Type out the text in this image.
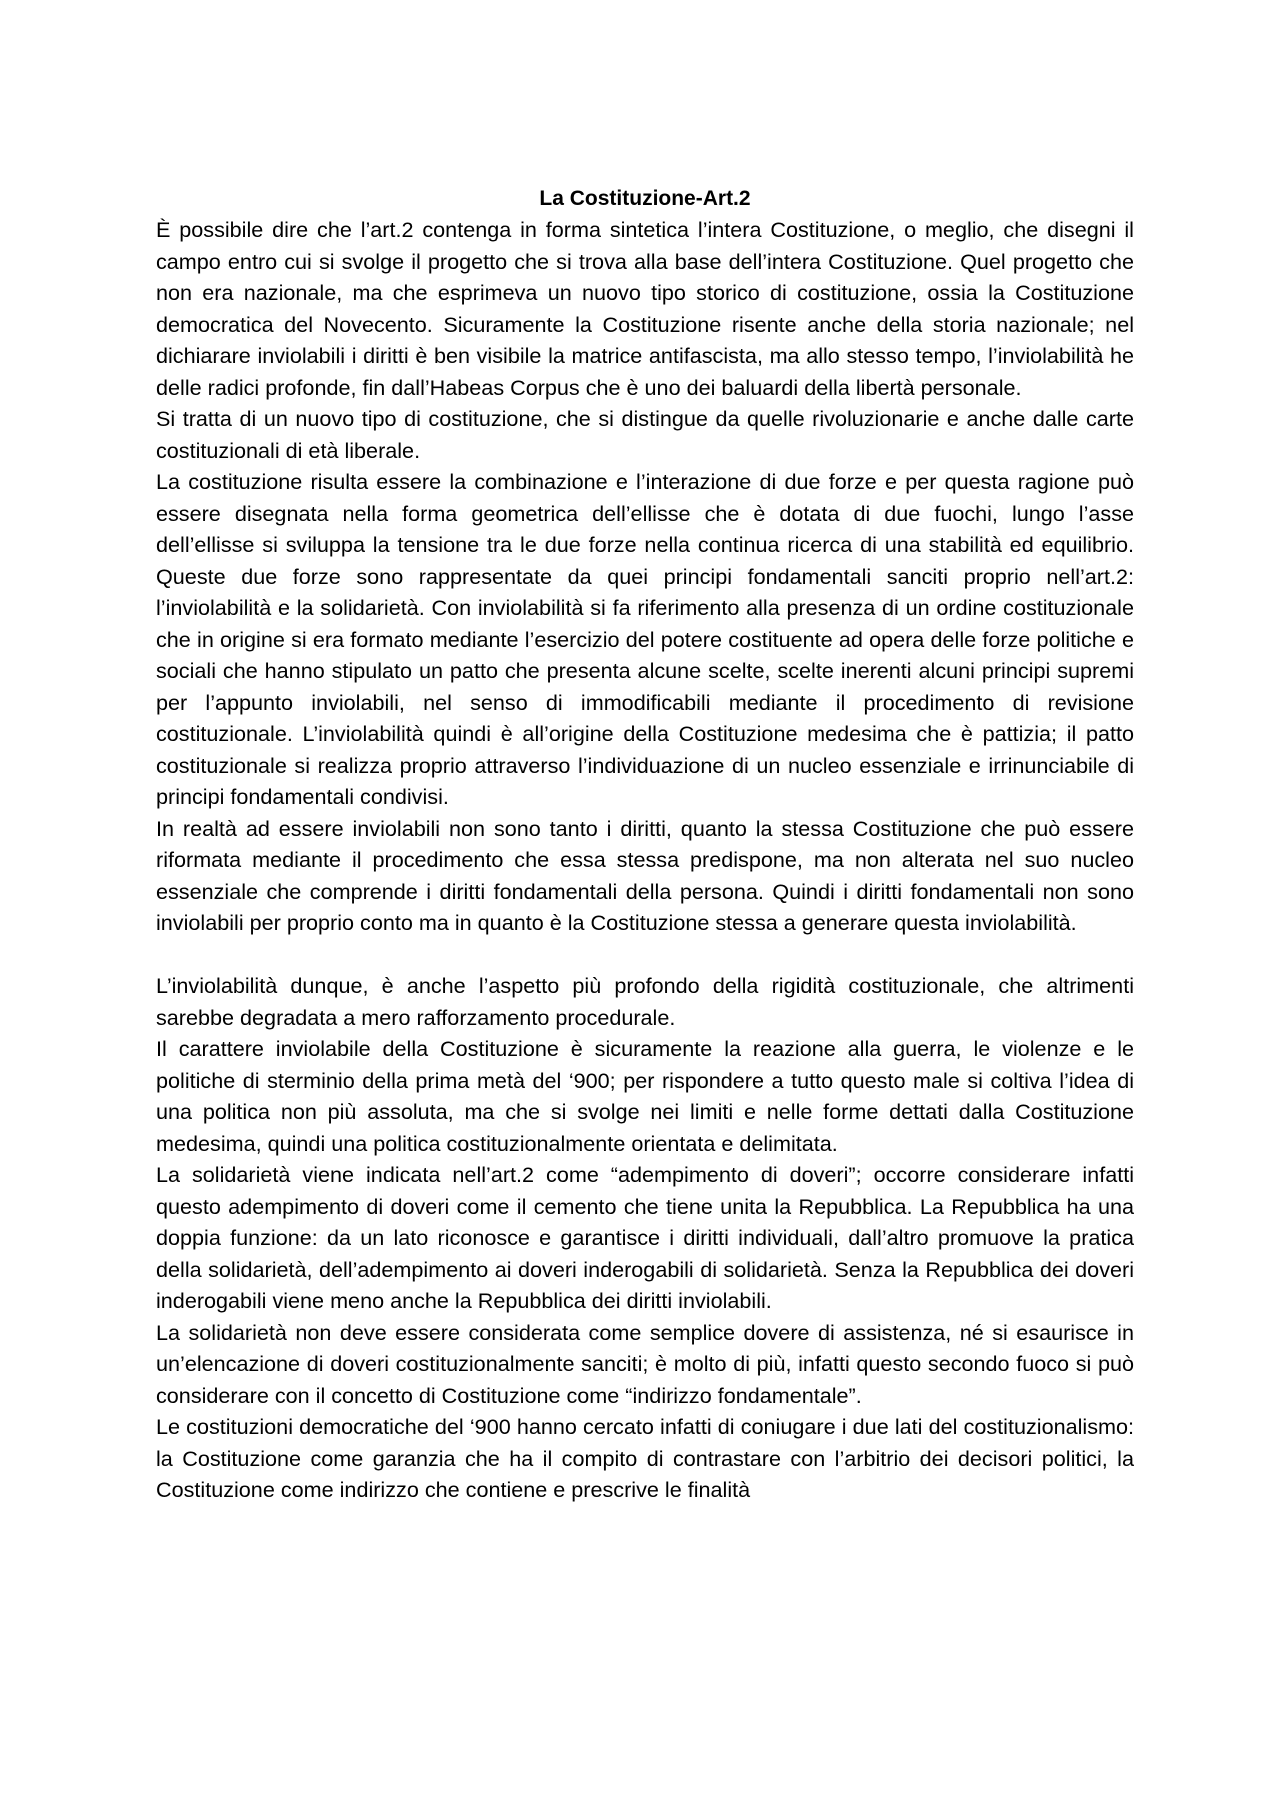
La Costituzione-Art.2

È possibile dire che l’art.2 contenga in forma sintetica l’intera Costituzione, o meglio, che disegni il campo entro cui si svolge il progetto che si trova alla base dell’intera Costituzione. Quel progetto che non era nazionale, ma che esprimeva un nuovo tipo storico di costituzione, ossia la Costituzione democratica del Novecento. Sicuramente la Costituzione risente anche della storia nazionale; nel dichiarare inviolabili i diritti è ben visibile la matrice antifascista, ma allo stesso tempo, l’inviolabilità he delle radici profonde, fin dall’Habeas Corpus che è uno dei baluardi della libertà personale.

Si tratta di un nuovo tipo di costituzione, che si distingue da quelle rivoluzionarie e anche dalle carte costituzionali di età liberale.

La costituzione risulta essere la combinazione e l’interazione di due forze e per questa ragione può essere disegnata nella forma geometrica dell’ellisse che è dotata di due fuochi, lungo l’asse dell’ellisse si sviluppa la tensione tra le due forze nella continua ricerca di una stabilità ed equilibrio. Queste due forze sono rappresentate da quei principi fondamentali sanciti proprio nell’art.2: l’inviolabilità e la solidarietà. Con inviolabilità si fa riferimento alla presenza di un ordine costituzionale che in origine si era formato mediante l’esercizio del potere costituente ad opera delle forze politiche e sociali che hanno stipulato un patto che presenta alcune scelte, scelte inerenti alcuni principi supremi per l’appunto inviolabili, nel senso di immodificabili mediante il procedimento di revisione costituzionale. L’inviolabilità quindi è all’origine della Costituzione medesima che è pattizia; il patto costituzionale si realizza proprio attraverso l’individuazione di un nucleo essenziale e irrinunciabile di principi fondamentali condivisi.

In realtà ad essere inviolabili non sono tanto i diritti, quanto la stessa Costituzione che può essere riformata mediante il procedimento che essa stessa predispone, ma non alterata nel suo nucleo essenziale che comprende i diritti fondamentali della persona. Quindi i diritti fondamentali non sono inviolabili per proprio conto ma in quanto è la Costituzione stessa a generare questa inviolabilità.

L’inviolabilità dunque, è anche l’aspetto più profondo della rigidità costituzionale, che altrimenti sarebbe degradata a mero rafforzamento procedurale.

Il carattere inviolabile della Costituzione è sicuramente la reazione alla guerra, le violenze e le politiche di sterminio della prima metà del ‘900; per rispondere a tutto questo male si coltiva l’idea di una politica non più assoluta, ma che si svolge nei limiti e nelle forme dettati dalla Costituzione medesima, quindi una politica costituzionalmente orientata e delimitata.

La solidarietà viene indicata nell’art.2 come “adempimento di doveri”; occorre considerare infatti questo adempimento di doveri come il cemento che tiene unita la Repubblica. La Repubblica ha una doppia funzione: da un lato riconosce e garantisce i diritti individuali, dall’altro promuove la pratica della solidarietà, dell’adempimento ai doveri inderogabili di solidarietà. Senza la Repubblica dei doveri inderogabili viene meno anche la Repubblica dei diritti inviolabili.

La solidarietà non deve essere considerata come semplice dovere di assistenza, né si esaurisce in un’elencazione di doveri costituzionalmente sanciti; è molto di più, infatti questo secondo fuoco si può considerare con il concetto di Costituzione come “indirizzo fondamentale”.

Le costituzioni democratiche del ‘900 hanno cercato infatti di coniugare i due lati del costituzionalismo: la Costituzione come garanzia che ha il compito di contrastare con l’arbitrio dei decisori politici, la Costituzione come indirizzo che contiene e prescrive le finalità
